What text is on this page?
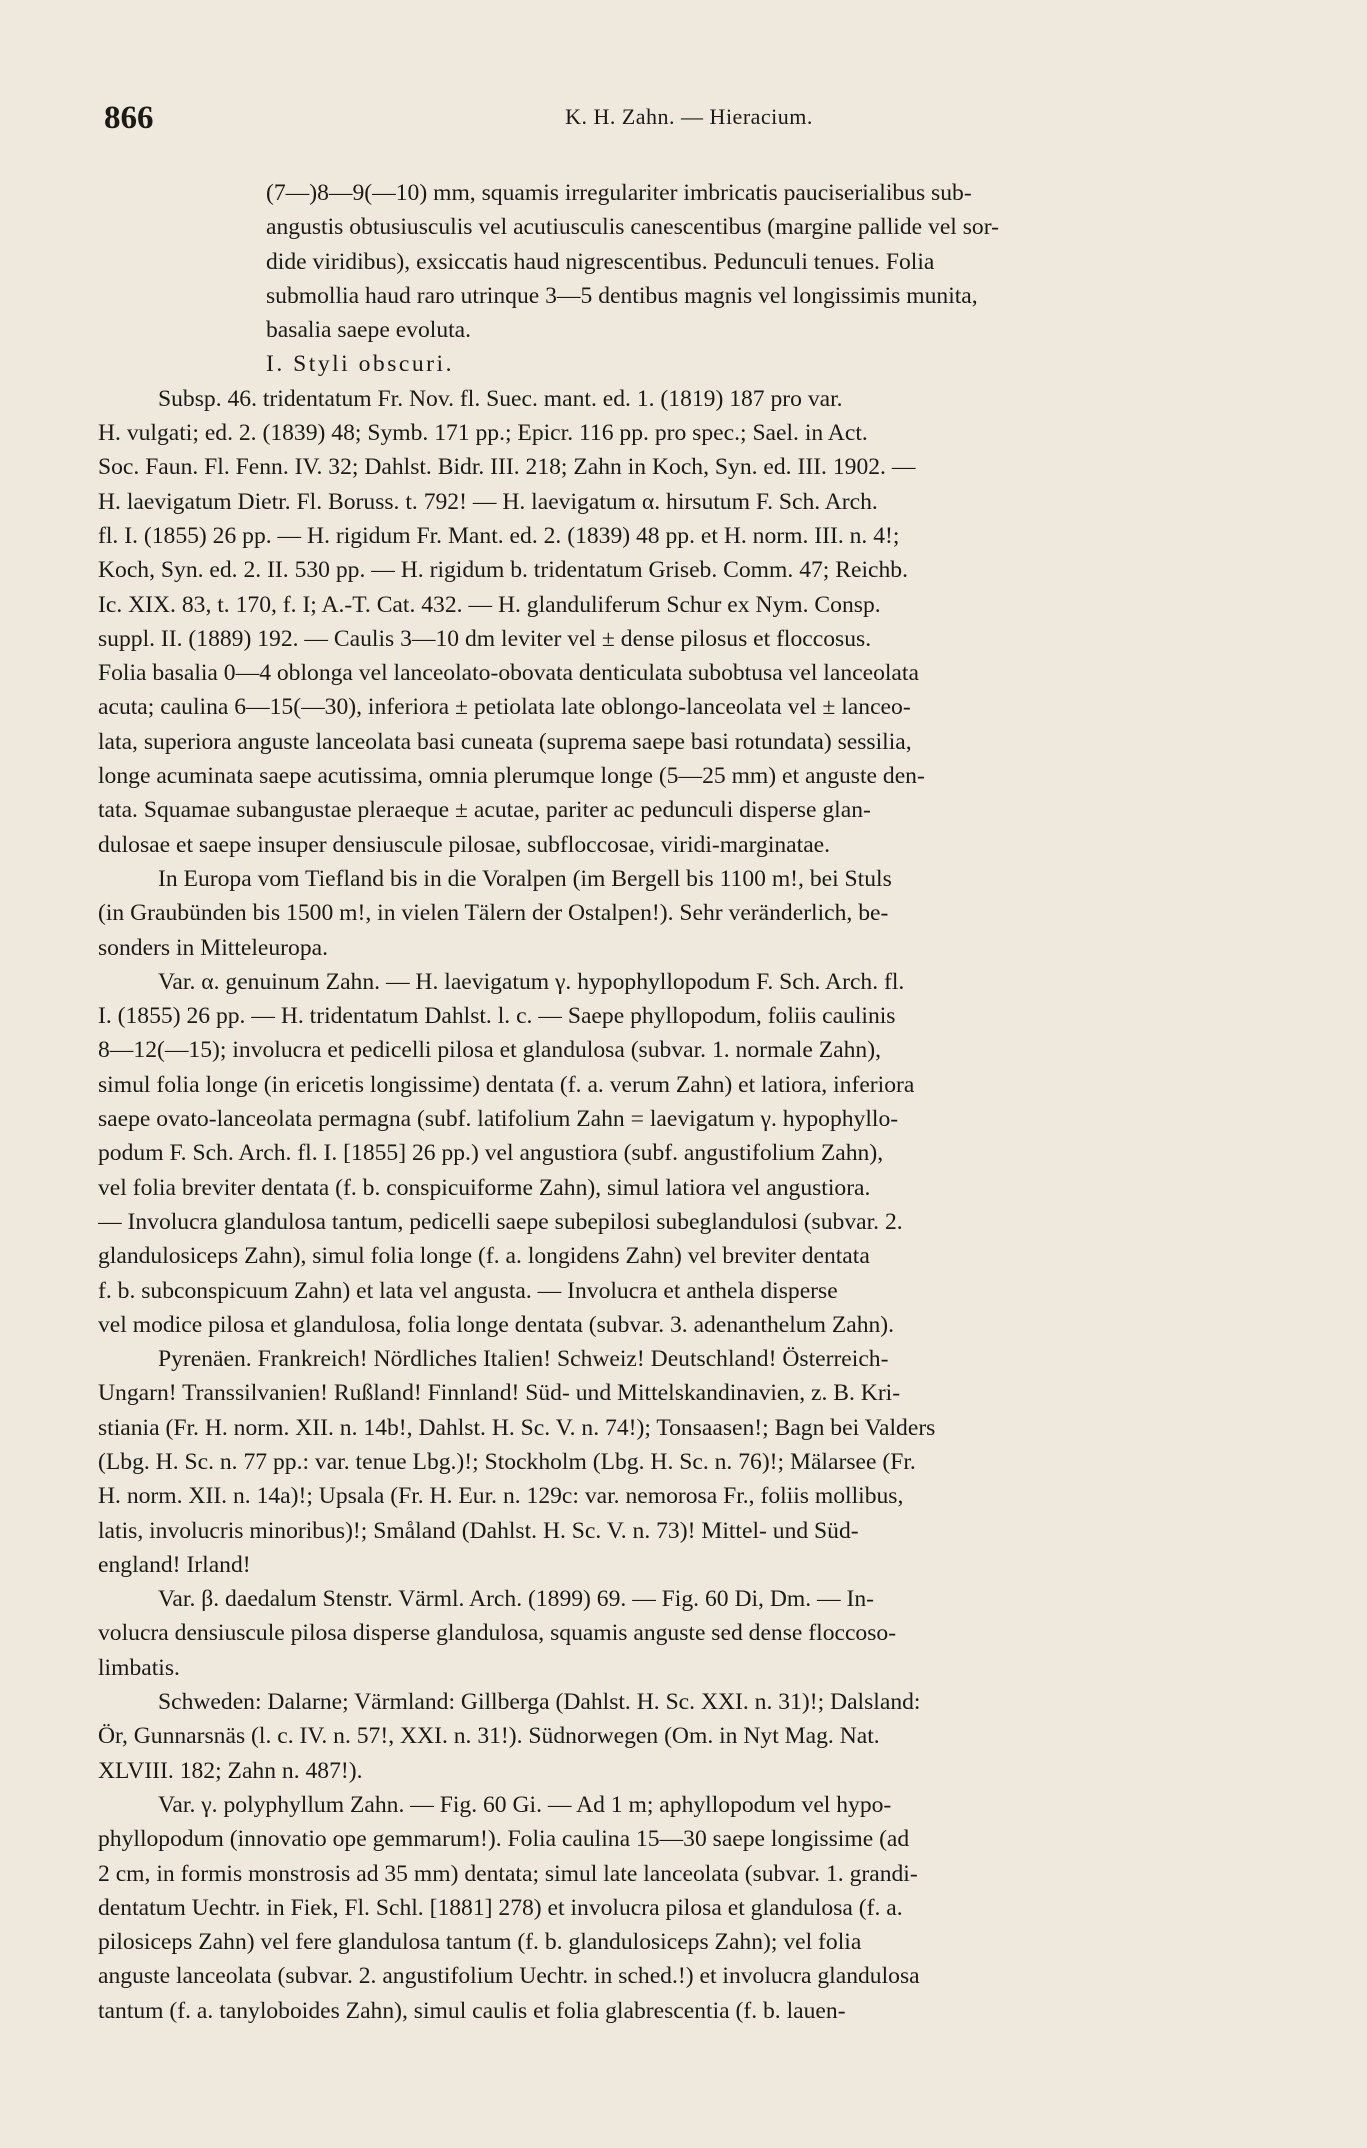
866	K. H. Zahn. — Hieracium.
(7—)8—9(—10) mm, squamis irregulariter imbricatis pauciserialibus sub-
angustis obtusiusculis vel acutiusculis canescentibus (margine pallide vel sor-
dide viridibus), exsiccatis haud nigrescentibus. Pedunculi tenues. Folia
submollia haud raro utrinque 3—5 dentibus magnis vel longissimis munita,
basalia saepe evoluta.
I. Styli obscuri.
Subsp. 46. tridentatum Fr. Nov. fl. Suec. mant. ed. 1. (1819) 187 pro var.
H. vulgati; ed. 2. (1839) 48; Symb. 171 pp.; Epicr. 116 pp. pro spec.; Sael. in Act.
Soc. Faun. Fl. Fenn. IV. 32; Dahlst. Bidr. III. 218; Zahn in Koch, Syn. ed. III. 1902. —
H. laevigatum Dietr. Fl. Boruss. t. 792! — H. laevigatum α. hirsutum F. Sch. Arch.
fl. I. (1855) 26 pp. — H. rigidum Fr. Mant. ed. 2. (1839) 48 pp. et H. norm. III. n. 4!;
Koch, Syn. ed. 2. II. 530 pp. — H. rigidum b. tridentatum Griseb. Comm. 47; Reichb.
Ic. XIX. 83, t. 170, f. I; A.-T. Cat. 432. — H. glanduliferum Schur ex Nym. Consp.
suppl. II. (1889) 192. — Caulis 3—10 dm leviter vel ± dense pilosus et floccosus.
Folia basalia 0—4 oblonga vel lanceolato-obovata denticulata subobtusa vel lanceolata
acuta; caulina 6—15(—30), inferiora ± petiolata late oblongo-lanceolata vel ± lanceo-
lata, superiora anguste lanceolata basi cuneata (suprema saepe basi rotundata) sessilia,
longe acuminata saepe acutissima, omnia plerumque longe (5—25 mm) et anguste den-
tata. Squamae subangustae pleraeque ± acutae, pariter ac pedunculi disperse glan-
dulosae et saepe insuper densiuscule pilosae, subfloccosae, viridi-marginatae.
In Europa vom Tiefland bis in die Voralpen (im Bergell bis 1100 m!, bei Stuls
(in Graubünden bis 1500 m!, in vielen Tälern der Ostalpen!). Sehr veränderlich, be-
sonders in Mitteleuropa.
Var. α. genuinum Zahn. — H. laevigatum γ. hypophyllopodum F. Sch. Arch. fl.
I. (1855) 26 pp. — H. tridentatum Dahlst. l. c. — Saepe phyllopodum, foliis caulinis
8—12(—15); involucra et pedicelli pilosa et glandulosa (subvar. 1. normale Zahn),
simul folia longe (in ericetis longissime) dentata (f. a. verum Zahn) et latiora, inferiora
saepe ovato-lanceolata permagna (subf. latifolium Zahn = laevigatum γ. hypophyllo-
podum F. Sch. Arch. fl. I. [1855] 26 pp.) vel angustiora (subf. angustifolium Zahn),
vel folia breviter dentata (f. b. conspicuiforme Zahn), simul latiora vel angustiora.
— Involucra glandulosa tantum, pedicelli saepe subepilosi subeglandulosi (subvar. 2.
glandulosiceps Zahn), simul folia longe (f. a. longidens Zahn) vel breviter dentata
f. b. subconspicuum Zahn) et lata vel angusta. — Involucra et anthela disperse
vel modice pilosa et glandulosa, folia longe dentata (subvar. 3. adenanthelum Zahn).
Pyrenäen. Frankreich! Nördliches Italien! Schweiz! Deutschland! Österreich-
Ungarn! Transsilvanien! Rußland! Finnland! Süd- und Mittelskandinavien, z. B. Kri-
stiania (Fr. H. norm. XII. n. 14b!, Dahlst. H. Sc. V. n. 74!); Tonsaasen!; Bagn bei Valders
(Lbg. H. Sc. n. 77 pp.: var. tenue Lbg.)!; Stockholm (Lbg. H. Sc. n. 76)!; Mälarsee (Fr.
H. norm. XII. n. 14a)!; Upsala (Fr. H. Eur. n. 129c: var. nemorosa Fr., foliis mollibus,
latis, involucris minoribus)!; Småland (Dahlst. H. Sc. V. n. 73)! Mittel- und Süd-
england! Irland!
Var. β. daedalum Stenstr. Värml. Arch. (1899) 69. — Fig. 60 Di, Dm. — In-
volucra densiuscule pilosa disperse glandulosa, squamis anguste sed dense floccoso-
limbatis.
Schweden: Dalarne; Värmland: Gillberga (Dahlst. H. Sc. XXI. n. 31)!; Dalsland:
Ör, Gunnarsnäs (l. c. IV. n. 57!, XXI. n. 31!). Südnorwegen (Om. in Nyt Mag. Nat.
XLVIII. 182; Zahn n. 487!).
Var. γ. polyphyllum Zahn. — Fig. 60 Gi. — Ad 1 m; aphyllopodum vel hypo-
phyllopodum (innovatio ope gemmarum!). Folia caulina 15—30 saepe longissime (ad
2 cm, in formis monstrosis ad 35 mm) dentata; simul late lanceolata (subvar. 1. grandi-
dentatum Uechtr. in Fiek, Fl. Schl. [1881] 278) et involucra pilosa et glandulosa (f. a.
pilosiceps Zahn) vel fere glandulosa tantum (f. b. glandulosiceps Zahn); vel folia
anguste lanceolata (subvar. 2. angustifolium Uechtr. in sched.!) et involucra glandulosa
tantum (f. a. tanyloboides Zahn), simul caulis et folia glabrescentia (f. b. lauen-
